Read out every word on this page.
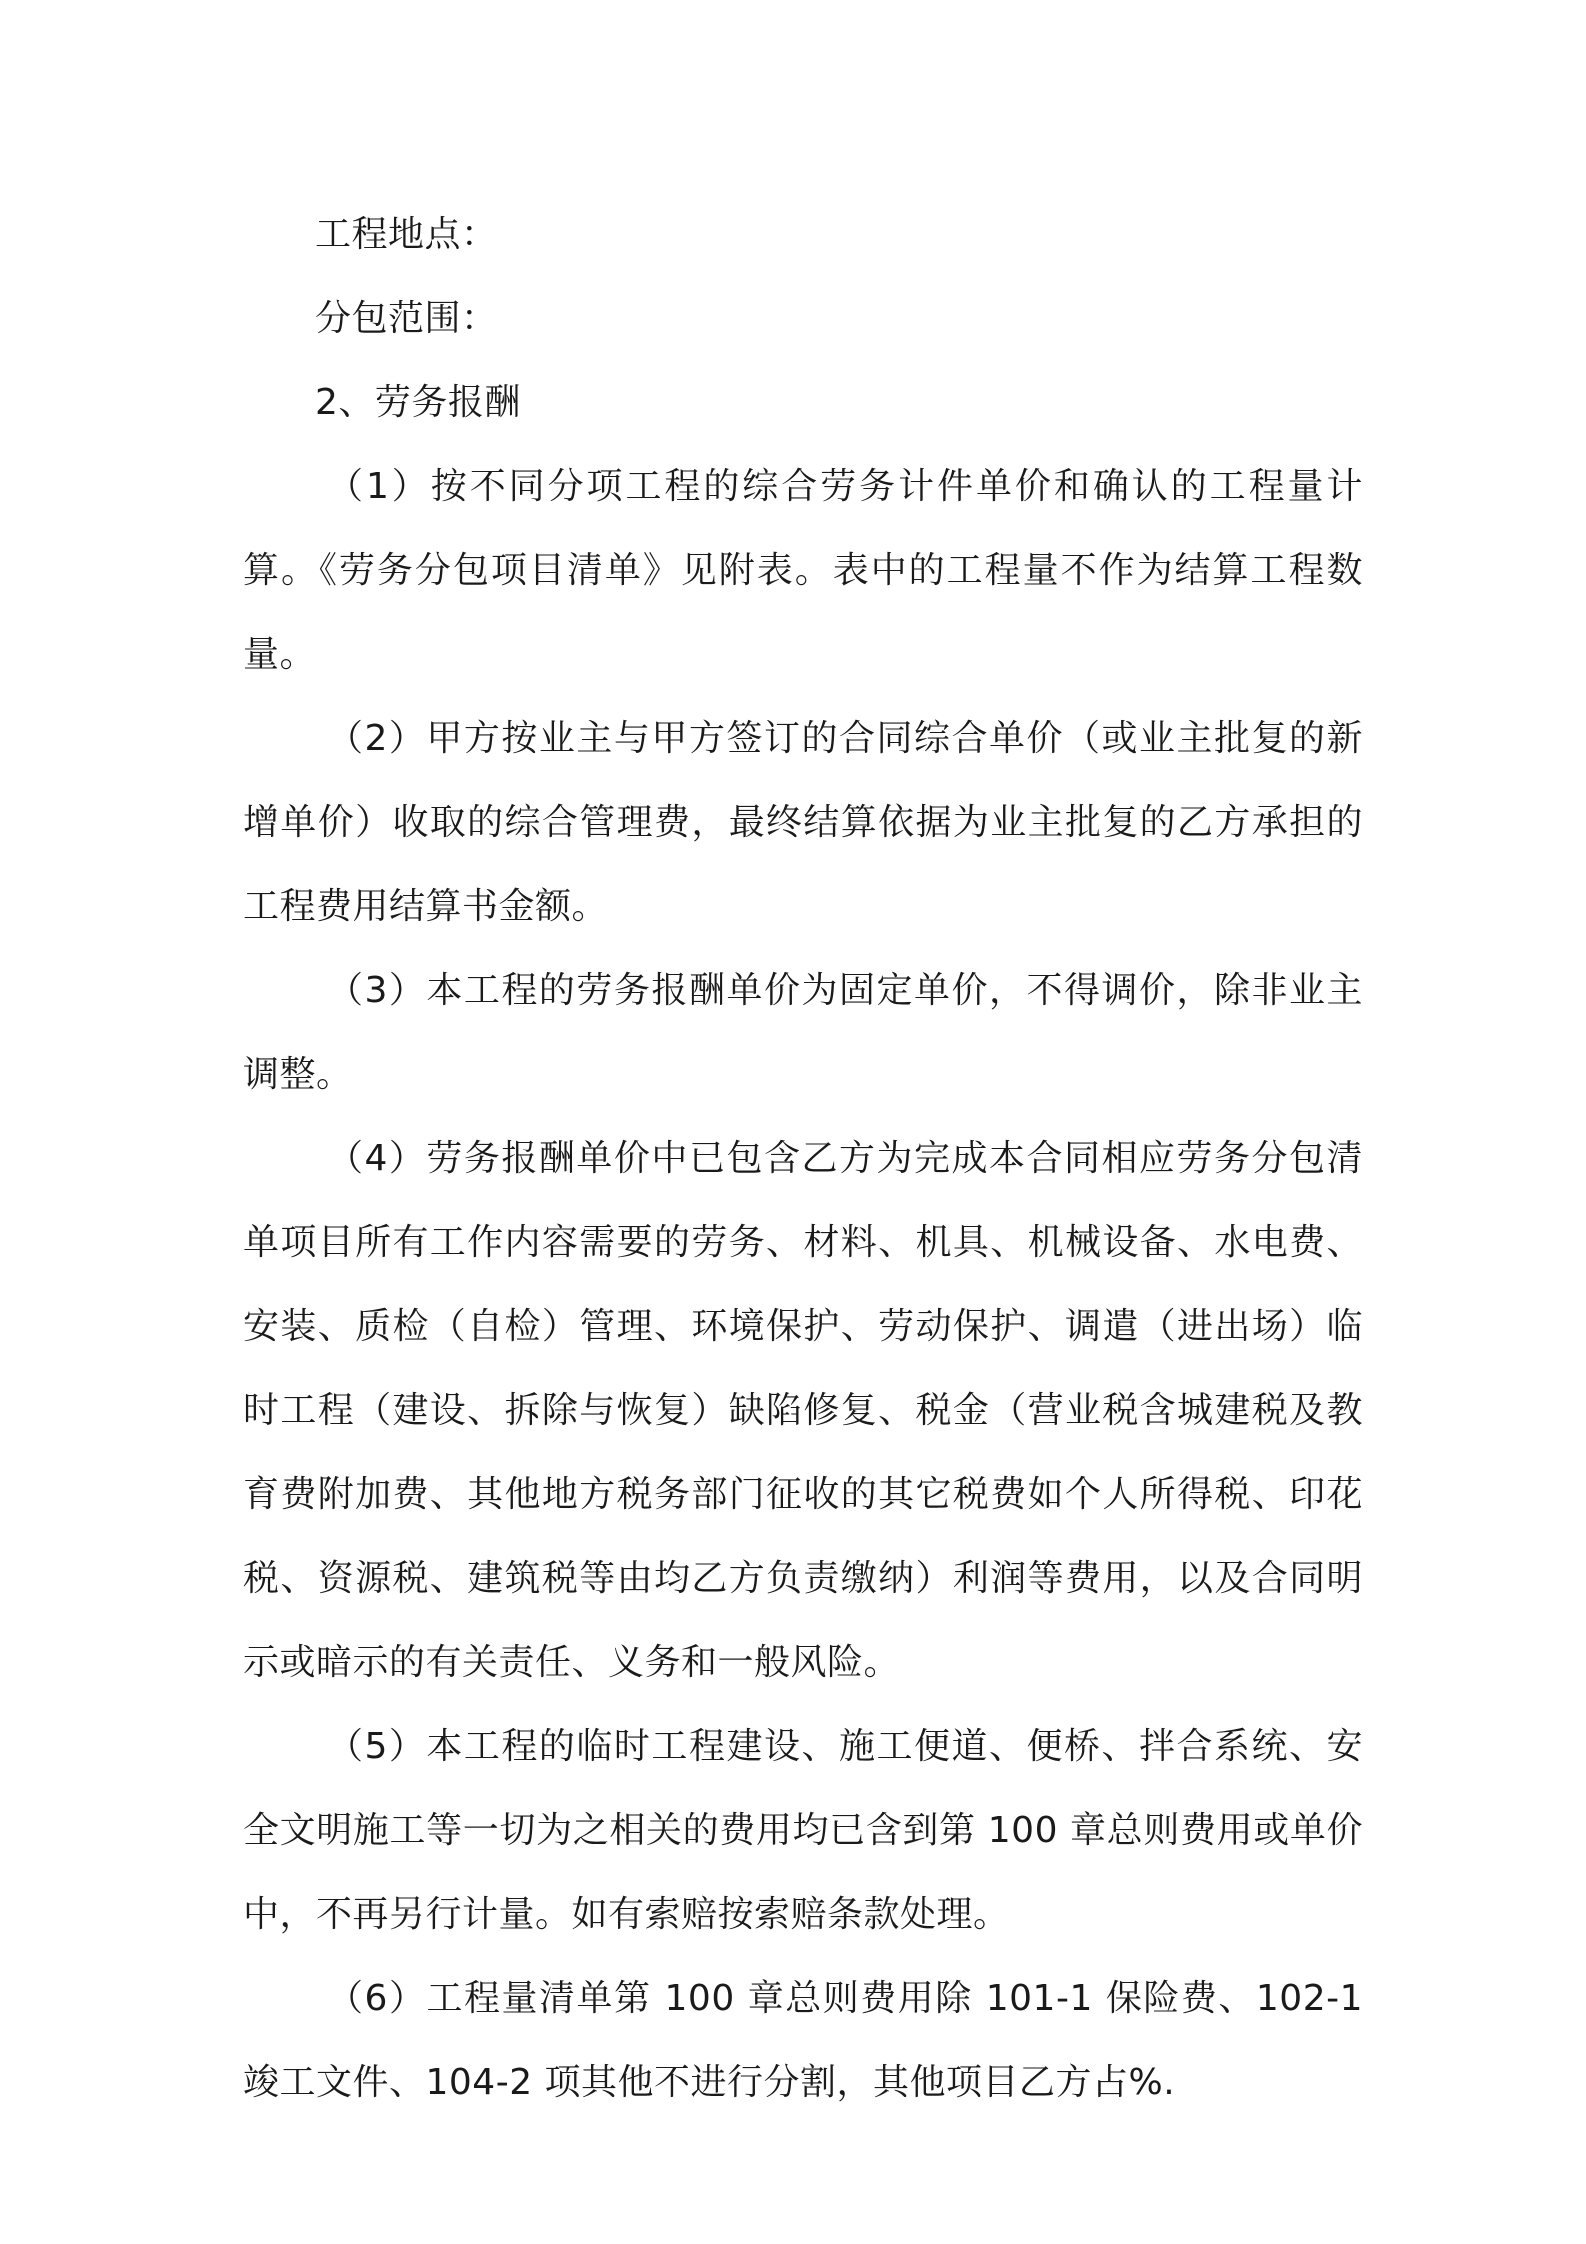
工程地点：

分包范围：

2、劳务报酬

（1）按不同分项工程的综合劳务计件单价和确认的工程量计算。《劳务分包项目清单》见附表。表中的工程量不作为结算工程数量。

（2）甲方按业主与甲方签订的合同综合单价（或业主批复的新增单价）收取的综合管理费，最终结算依据为业主批复的乙方承担的工程费用结算书金额。

（3）本工程的劳务报酬单价为固定单价，不得调价，除非业主调整。

（4）劳务报酬单价中已包含乙方为完成本合同相应劳务分包清单项目所有工作内容需要的劳务、材料、机具、机械设备、水电费、安装、质检（自检）管理、环境保护、劳动保护、调遣（进出场）临时工程（建设、拆除与恢复）缺陷修复、税金（营业税含城建税及教育费附加费、其他地方税务部门征收的其它税费如个人所得税、印花税、资源税、建筑税等由均乙方负责缴纳）利润等费用，以及合同明示或暗示的有关责任、义务和一般风险。

（5）本工程的临时工程建设、施工便道、便桥、拌合系统、安全文明施工等一切为之相关的费用均已含到第 100 章总则费用或单价中，不再另行计量。如有索赔按索赔条款处理。

（6）工程量清单第 100 章总则费用除 101-1 保险费、102-1 竣工文件、104-2 项其他不进行分割，其他项目乙方占%.
